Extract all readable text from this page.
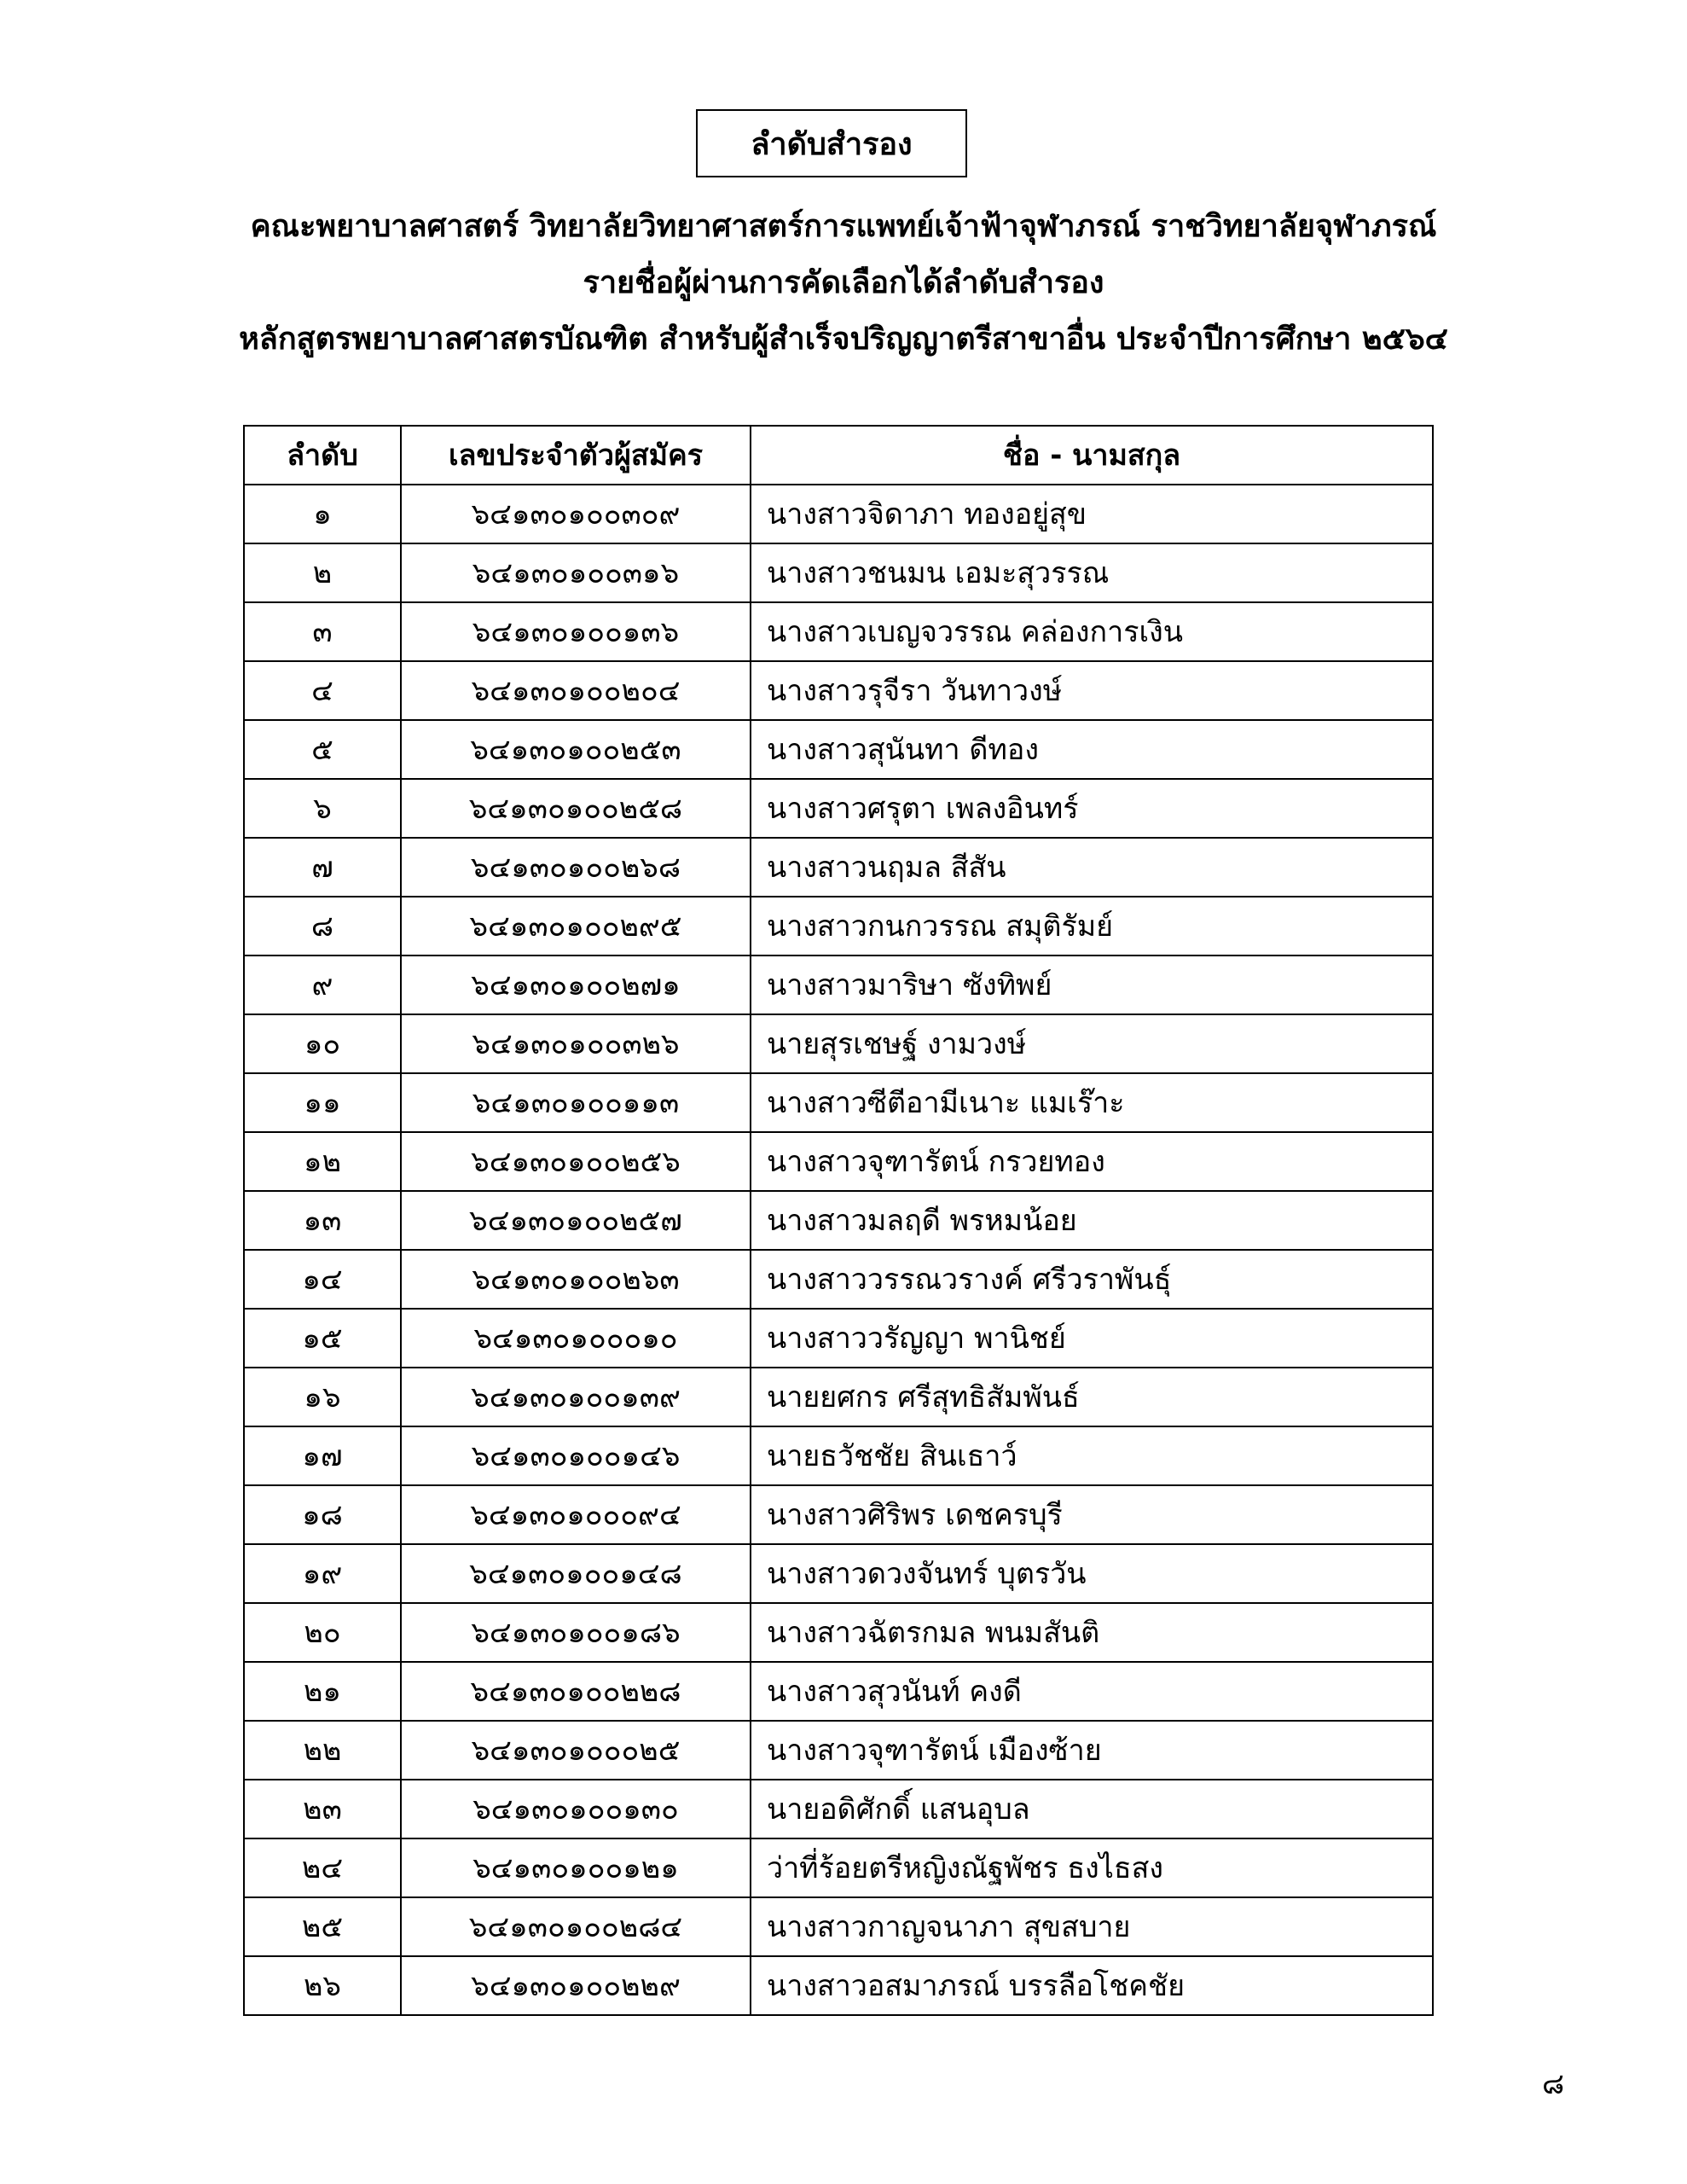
ลำดับสำรอง
คณะพยาบาลศาสตร์ วิทยาลัยวิทยาศาสตร์การแพทย์เจ้าฟ้าจุฬาภรณ์ ราชวิทยาลัยจุฬาภรณ์
รายชื่อผู้ผ่านการคัดเลือกได้ลำดับสำรอง
หลักสูตรพยาบาลศาสตรบัณฑิต สำหรับผู้สำเร็จปริญญาตรีสาขาอื่น ประจำปีการศึกษา ๒๕๖๔
ลำดับ	เลขประจำตัวผู้สมัคร	ชื่อ - นามสกุล
๑	๖๔๑๓๐๑๐๐๓๐๙	นางสาวจิดาภา ทองอยู่สุข
๒	๖๔๑๓๐๑๐๐๓๑๖	นางสาวชนมน เอมะสุวรรณ
๓	๖๔๑๓๐๑๐๐๑๓๖	นางสาวเบญจวรรณ คล่องการเงิน
๔	๖๔๑๓๐๑๐๐๒๐๔	นางสาวรุจีรา วันทาวงษ์
๕	๖๔๑๓๐๑๐๐๒๕๓	นางสาวสุนันทา ดีทอง
๖	๖๔๑๓๐๑๐๐๒๕๘	นางสาวศรุตา เพลงอินทร์
๗	๖๔๑๓๐๑๐๐๒๖๘	นางสาวนฤมล สีสัน
๘	๖๔๑๓๐๑๐๐๒๙๕	นางสาวกนกวรรณ สมุติรัมย์
๙	๖๔๑๓๐๑๐๐๒๗๑	นางสาวมาริษา ซังทิพย์
๑๐	๖๔๑๓๐๑๐๐๓๒๖	นายสุรเชษฐ์ งามวงษ์
๑๑	๖๔๑๓๐๑๐๐๑๑๓	นางสาวซีตีอามีเนาะ แมเร๊าะ
๑๒	๖๔๑๓๐๑๐๐๒๕๖	นางสาวจุฑารัตน์ กรวยทอง
๑๓	๖๔๑๓๐๑๐๐๒๕๗	นางสาวมลฤดี พรหมน้อย
๑๔	๖๔๑๓๐๑๐๐๒๖๓	นางสาววรรณวรางค์ ศรีวราพันธุ์
๑๕	๖๔๑๓๐๑๐๐๐๑๐	นางสาววรัญญา พานิชย์
๑๖	๖๔๑๓๐๑๐๐๑๓๙	นายยศกร ศรีสุทธิสัมพันธ์
๑๗	๖๔๑๓๐๑๐๐๑๔๖	นายธวัชชัย สินเธาว์
๑๘	๖๔๑๓๐๑๐๐๐๙๔	นางสาวศิริพร เดชครบุรี
๑๙	๖๔๑๓๐๑๐๐๑๔๘	นางสาวดวงจันทร์ บุตรวัน
๒๐	๖๔๑๓๐๑๐๐๑๘๖	นางสาวฉัตรกมล พนมสันติ
๒๑	๖๔๑๓๐๑๐๐๒๒๘	นางสาวสุวนันท์ คงดี
๒๒	๖๔๑๓๐๑๐๐๐๒๕	นางสาวจุฑารัตน์ เมืองซ้าย
๒๓	๖๔๑๓๐๑๐๐๑๓๐	นายอดิศักดิ์ แสนอุบล
๒๔	๖๔๑๓๐๑๐๐๑๒๑	ว่าที่ร้อยตรีหญิงณัฐพัชร ธงไธสง
๒๕	๖๔๑๓๐๑๐๐๒๘๔	นางสาวกาญจนาภา สุขสบาย
๒๖	๖๔๑๓๐๑๐๐๒๒๙	นางสาวอสมาภรณ์ บรรลือโชคชัย
๘
